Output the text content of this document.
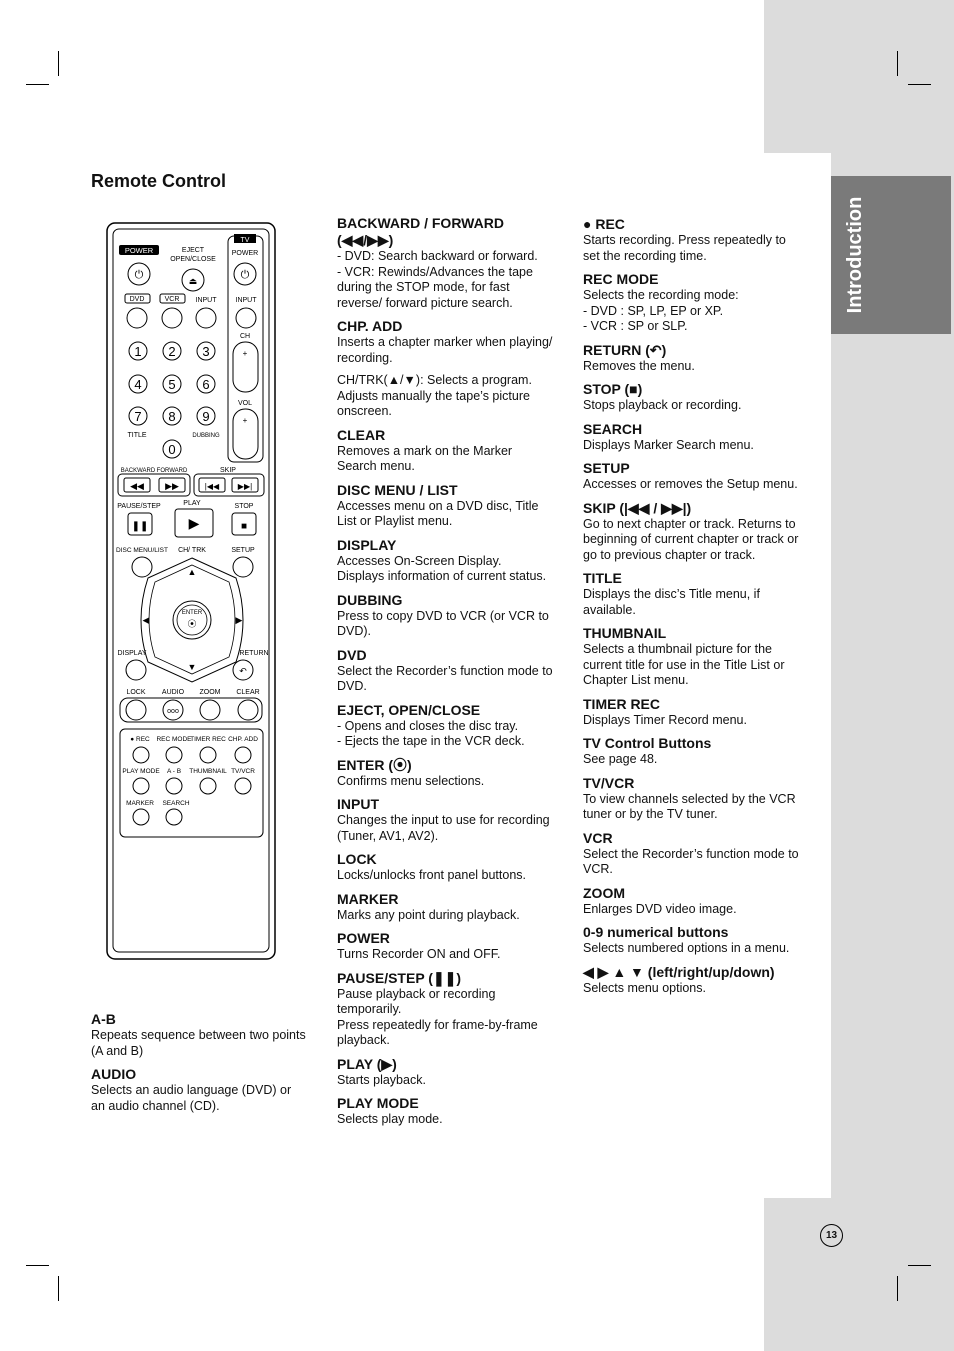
Introduction
Remote Control
TV
POWER
⏻
EJECT
OPEN/CLOSE
⏏
POWER
⏻
DVD	VCR INPUT	INPUT
CH
+
VOL
+
1 2 3
4 5 6
7 8 9
0
TITLE	DUBBING
BACKWARD FORWARD	SKIP
◀◀ ▶▶	|◀◀ ▶▶|
PAUSE/STEP	PLAY	STOP
❚❚	▶	■
DISC MENU/LIST CH/ TRK	SETUP
▲
▼
◀	▶
ENTER
⦿
DISPLAY	RETURN
↶
LOCK AUDIO ZOOM CLEAR
ooo
● REC REC MODE
TIMER REC CHP. ADD
PLAY MODE A - B THUMBNAIL TV/VCR
MARKER SEARCH
A-B
Repeats sequence between two points
(A and B)
AUDIO
Selects an audio language (DVD) or
an audio channel (CD).
BACKWARD / FORWARD
(◀◀/▶▶)
- DVD: Search backward or forward.
- VCR: Rewinds/Advances the tape
during the STOP mode, for fast
reverse/ forward picture search.
CHP. ADD
Inserts a chapter marker when playing/
recording.
CH/TRK(▲/▼): Selects a program.
Adjusts manually the tape’s picture
onscreen.
CLEAR
Removes a mark on the Marker
Search menu.
DISC MENU / LIST
Accesses menu on a DVD disc, Title
List or Playlist menu.
DISPLAY
Accesses On-Screen Display.
Displays information of current status.
DUBBING
Press to copy DVD to VCR (or VCR to
DVD).
DVD
Select the Recorder’s function mode to
DVD.
EJECT, OPEN/CLOSE
- Opens and closes the disc tray.
- Ejects the tape in the VCR deck.
ENTER (⦿)
Confirms menu selections.
INPUT
Changes the input to use for recording
(Tuner, AV1, AV2).
LOCK
Locks/unlocks front panel buttons.
MARKER
Marks any point during playback.
POWER
Turns Recorder ON and OFF.
PAUSE/STEP (❚❚)
Pause playback or recording
temporarily.
Press repeatedly for frame-by-frame
playback.
PLAY (▶)
Starts playback.
PLAY MODE
Selects play mode.
● REC
Starts recording. Press repeatedly to
set the recording time.
REC MODE
Selects the recording mode:
- DVD : SP, LP, EP or XP.
- VCR : SP or SLP.
RETURN (↶)
Removes the menu.
STOP (■)
Stops playback or recording.
SEARCH
Displays Marker Search menu.
SETUP
Accesses or removes the Setup menu.
SKIP (|◀◀ / ▶▶|)
Go to next chapter or track. Returns to
beginning of current chapter or track or
go to previous chapter or track.
TITLE
Displays the disc’s Title menu, if
available.
THUMBNAIL
Selects a thumbnail picture for the
current title for use in the Title List or
Chapter List menu.
TIMER REC
Displays Timer Record menu.
TV Control Buttons
See page 48.
TV/VCR
To view channels selected by the VCR
tuner or by the TV tuner.
VCR
Select the Recorder’s function mode to
VCR.
ZOOM
Enlarges DVD video image.
0-9 numerical buttons
Selects numbered options in a menu.
◀ ▶ ▲ ▼ (left/right/up/down)
Selects menu options.
13
